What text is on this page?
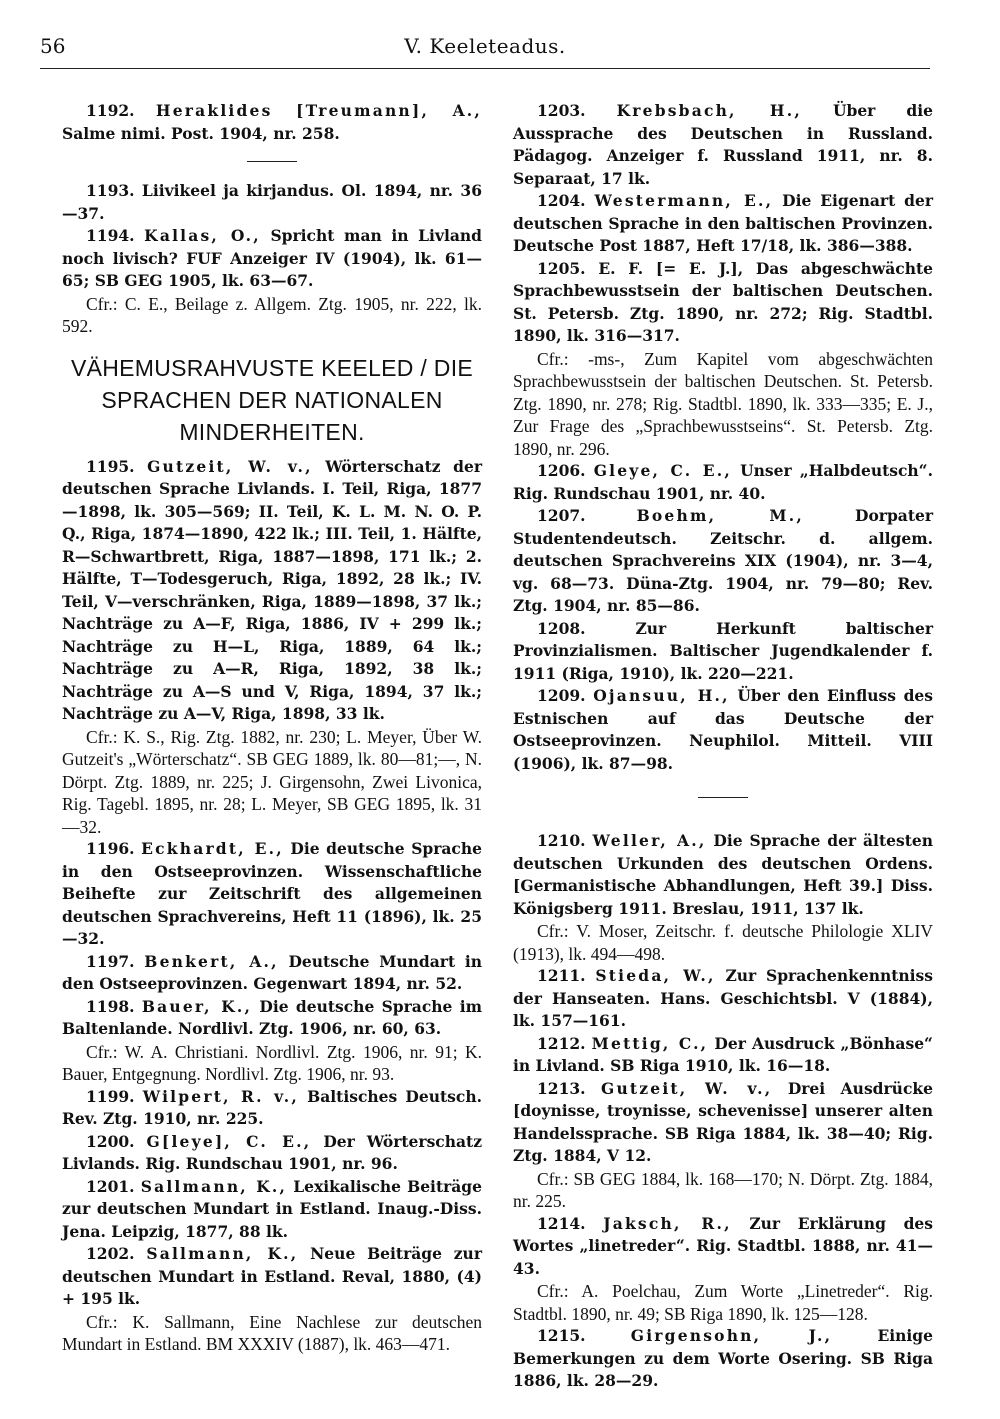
56	V. Keeleteadus.

1192. Heraklides [Treumann], A., Salme nimi. Post. 1904, nr. 258.

1193. Liivikeel ja kirjandus. Ol. 1894, nr. 36—37.

1194. Kallas, O., Spricht man in Livland noch livisch? FUF Anzeiger IV (1904), lk. 61—65; SB GEG 1905, lk. 63—67.

Cfr.: C. E., Beilage z. Allgem. Ztg. 1905, nr. 222, lk. 592.

VÄHEMUSRAHVUSTE KEELED / DIE SPRACHEN DER NATIONALEN MINDERHEITEN.

1195. Gutzeit, W. v., Wörterschatz der deutschen Sprache Livlands. I. Teil, Riga, 1877—1898, lk. 305—569; II. Teil, K. L. M. N. O. P. Q., Riga, 1874—1890, 422 lk.; III. Teil, 1. Hälfte, R—Schwartbrett, Riga, 1887—1898, 171 lk.; 2. Hälfte, T—Todesgeruch, Riga, 1892, 28 lk.; IV. Teil, V—verschränken, Riga, 1889—1898, 37 lk.; Nachträge zu A—F, Riga, 1886, IV + 299 lk.; Nachträge zu H—L, Riga, 1889, 64 lk.; Nachträge zu A—R, Riga, 1892, 38 lk.; Nachträge zu A—S und V, Riga, 1894, 37 lk.; Nachträge zu A—V, Riga, 1898, 33 lk.

Cfr.: K. S., Rig. Ztg. 1882, nr. 230; L. Meyer, Über W. Gutzeit's „Wörterschatz“. SB GEG 1889, lk. 80—81;—, N. Dörpt. Ztg. 1889, nr. 225; J. Girgensohn, Zwei Livonica, Rig. Tagebl. 1895, nr. 28; L. Meyer, SB GEG 1895, lk. 31—32.

1196. Eckhardt, E., Die deutsche Sprache in den Ostseeprovinzen. Wissenschaftliche Beihefte zur Zeitschrift des allgemeinen deutschen Sprachvereins, Heft 11 (1896), lk. 25—32.

1197. Benkert, A., Deutsche Mundart in den Ostseeprovinzen. Gegenwart 1894, nr. 52.

1198. Bauer, K., Die deutsche Sprache im Baltenlande. Nordlivl. Ztg. 1906, nr. 60, 63.

Cfr.: W. A. Christiani. Nordlivl. Ztg. 1906, nr. 91; K. Bauer, Entgegnung. Nordlivl. Ztg. 1906, nr. 93.

1199. Wilpert, R. v., Baltisches Deutsch. Rev. Ztg. 1910, nr. 225.

1200. G[leye], C. E., Der Wörterschatz Livlands. Rig. Rundschau 1901, nr. 96.

1201. Sallmann, K., Lexikalische Beiträge zur deutschen Mundart in Estland. Inaug.-Diss. Jena. Leipzig, 1877, 88 lk.

1202. Sallmann, K., Neue Beiträge zur deutschen Mundart in Estland. Reval, 1880, (4) + 195 lk.

Cfr.: K. Sallmann, Eine Nachlese zur deutschen Mundart in Estland. BM XXXIV (1887), lk. 463—471.

1203. Krebsbach, H., Über die Aussprache des Deutschen in Russland. Pädagog. Anzeiger f. Russland 1911, nr. 8. Separaat, 17 lk.

1204. Westermann, E., Die Eigenart der deutschen Sprache in den baltischen Provinzen. Deutsche Post 1887, Heft 17/18, lk. 386—388.

1205. E. F. [= E. J.], Das abgeschwächte Sprachbewusstsein der baltischen Deutschen. St. Petersb. Ztg. 1890, nr. 272; Rig. Stadtbl. 1890, lk. 316—317.

Cfr.: -ms-, Zum Kapitel vom abgeschwächten Sprachbewusstsein der baltischen Deutschen. St. Petersb. Ztg. 1890, nr. 278; Rig. Stadtbl. 1890, lk. 333—335; E. J., Zur Frage des „Sprachbewusstseins“. St. Petersb. Ztg. 1890, nr. 296.

1206. Gleye, C. E., Unser „Halbdeutsch“. Rig. Rundschau 1901, nr. 40.

1207.	Boehm, M.,	Dorpater Studentendeutsch. Zeitschr. d. allgem. deutschen Sprachvereins XIX (1904), nr. 3—4, vg. 68—73. Düna-Ztg. 1904, nr. 79—80; Rev. Ztg. 1904, nr. 85—86.

1208.	Zur Herkunft baltischer Provinzialismen. Baltischer Jugendkalender f. 1911 (Riga, 1910), lk. 220—221.

1209. Ojansuu, H., Über den Einfluss des Estnischen auf das Deutsche der Ostseeprovinzen. Neuphilol. Mitteil. VIII (1906), lk. 87—98.

1210. Weller, A., Die Sprache der ältesten deutschen Urkunden des deutschen Ordens. [Germanistische Abhandlungen, Heft 39.] Diss. Königsberg 1911. Breslau, 1911, 137 lk.

Cfr.: V. Moser, Zeitschr. f. deutsche Philologie XLIV (1913), lk. 494—498.

1211. Stieda, W., Zur Sprachenkenntniss der Hanseaten. Hans. Geschichtsbl. V (1884), lk. 157—161.

1212. Mettig, C., Der Ausdruck „Bönhase“ in Livland. SB Riga 1910, lk. 16—18.

1213. Gutzeit, W. v., Drei Ausdrücke [doynisse, troynisse, schevenisse] unserer alten Handelssprache. SB Riga 1884, lk. 38—40; Rig. Ztg. 1884, V 12.

Cfr.: SB GEG 1884, lk. 168—170; N. Dörpt. Ztg. 1884, nr. 225.

1214. Jaksch, R., Zur Erklärung des Wortes „linetreder“. Rig. Stadtbl. 1888, nr. 41—43.

Cfr.: A. Poelchau, Zum Worte „Linetreder“. Rig. Stadtbl. 1890, nr. 49; SB Riga 1890, lk. 125—128.

1215.	Girgensohn, J.,	Einige Bemerkungen zu dem Worte Osering. SB Riga 1886, lk. 28—29.
